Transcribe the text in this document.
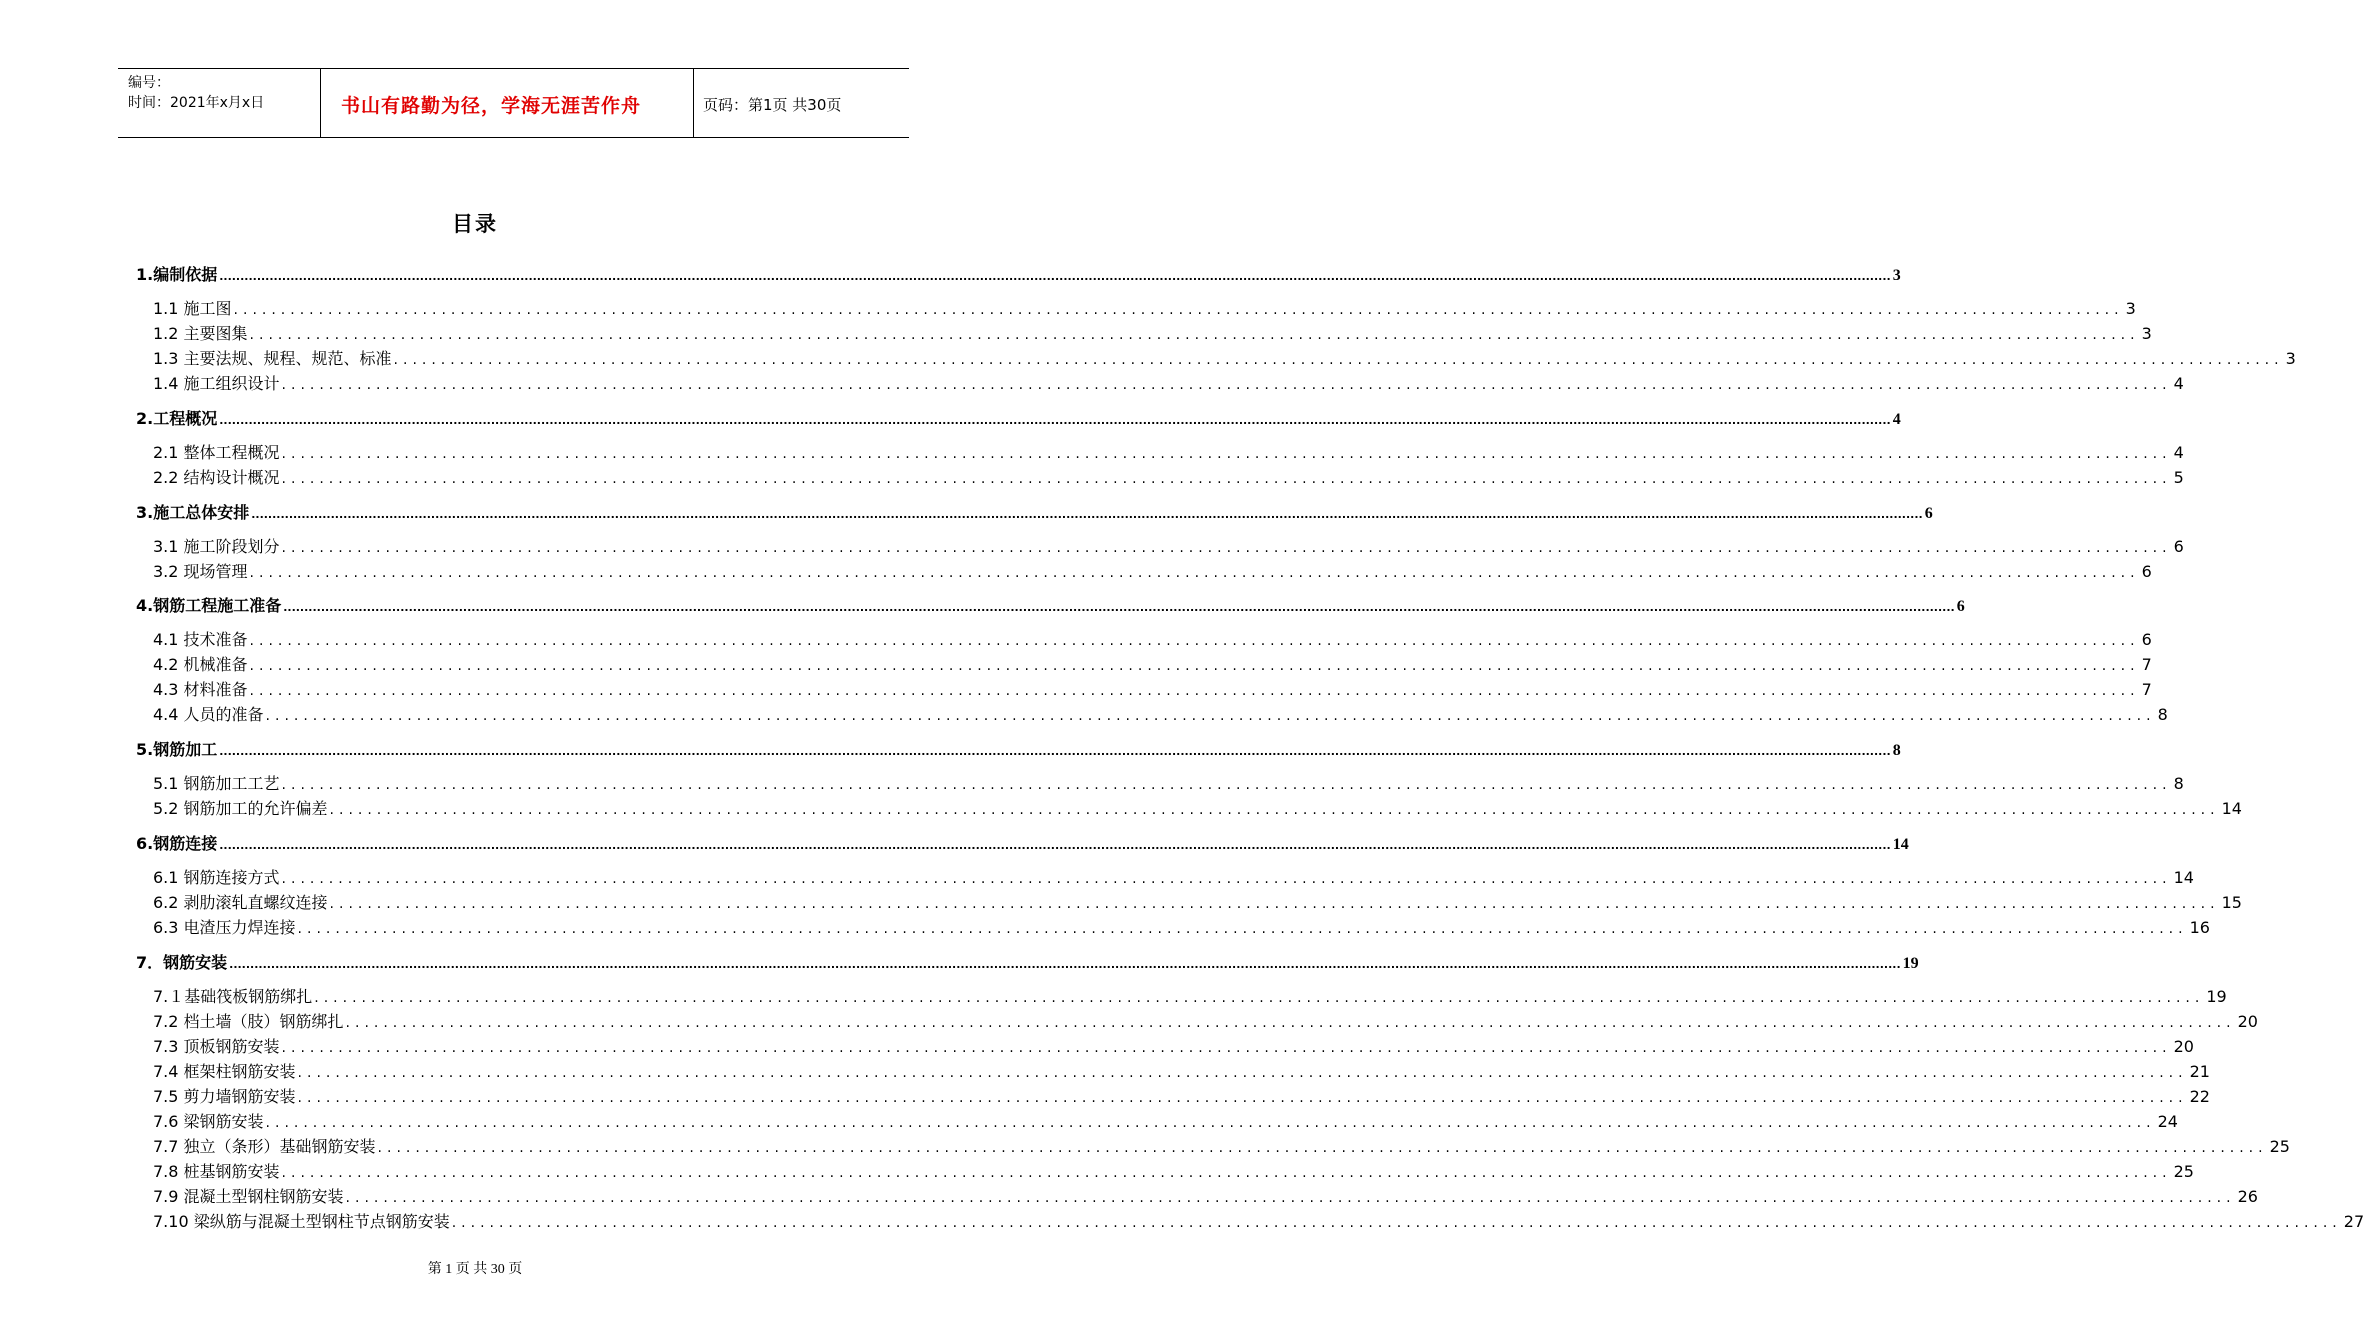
编号：
时间：2021年x月x日	书山有路勤为径，学海无涯苦作舟	页码：第1页 共30页
目录
1.编制依据 ................................................................................................................................................................................................................................................................................................................................................................................................................ 3
1.1 施工图 ........................................................................................................................................................................................................ 3
1.2 主要图集 ........................................................................................................................................................................................................ 3
1.3 主要法规、规程、规范、标准 ........................................................................................................................................................................................................ 3
1.4 施工组织设计 ........................................................................................................................................................................................................ 4
2.工程概况 ................................................................................................................................................................................................................................................................................................................................................................................................................ 4
2.1 整体工程概况 ........................................................................................................................................................................................................ 4
2.2 结构设计概况 ........................................................................................................................................................................................................ 5
3.施工总体安排 ................................................................................................................................................................................................................................................................................................................................................................................................................ 6
3.1 施工阶段划分 ........................................................................................................................................................................................................ 6
3.2 现场管理 ........................................................................................................................................................................................................ 6
4.钢筋工程施工准备 ................................................................................................................................................................................................................................................................................................................................................................................................................ 6
4.1 技术准备 ........................................................................................................................................................................................................ 6
4.2 机械准备 ........................................................................................................................................................................................................ 7
4.3 材料准备 ........................................................................................................................................................................................................ 7
4.4 人员的准备 ........................................................................................................................................................................................................ 8
5.钢筋加工 ................................................................................................................................................................................................................................................................................................................................................................................................................ 8
5.1 钢筋加工工艺 ........................................................................................................................................................................................................ 8
5.2 钢筋加工的允许偏差 ........................................................................................................................................................................................................ 14
6.钢筋连接 ................................................................................................................................................................................................................................................................................................................................................................................................................ 14
6.1 钢筋连接方式 ........................................................................................................................................................................................................ 14
6.2 剥肋滚轧直螺纹连接 ........................................................................................................................................................................................................ 15
6.3 电渣压力焊连接 ........................................................................................................................................................................................................ 16
7．钢筋安装 ................................................................................................................................................................................................................................................................................................................................................................................................................ 19
7.１基础筏板钢筋绑扎 ........................................................................................................................................................................................................ 19
7.2 档土墙（肢）钢筋绑扎 ........................................................................................................................................................................................................ 20
7.3 顶板钢筋安装 ........................................................................................................................................................................................................ 20
7.4 框架柱钢筋安装 ........................................................................................................................................................................................................ 21
7.5 剪力墙钢筋安装 ........................................................................................................................................................................................................ 22
7.6 梁钢筋安装 ........................................................................................................................................................................................................ 24
7.7 独立（条形）基础钢筋安装 ........................................................................................................................................................................................................ 25
7.8 桩基钢筋安装 ........................................................................................................................................................................................................ 25
7.9 混凝土型钢柱钢筋安装 ........................................................................................................................................................................................................ 26
7.10 梁纵筋与混凝土型钢柱节点钢筋安装 ........................................................................................................................................................................................................ 27
第 1 页 共 30 页
